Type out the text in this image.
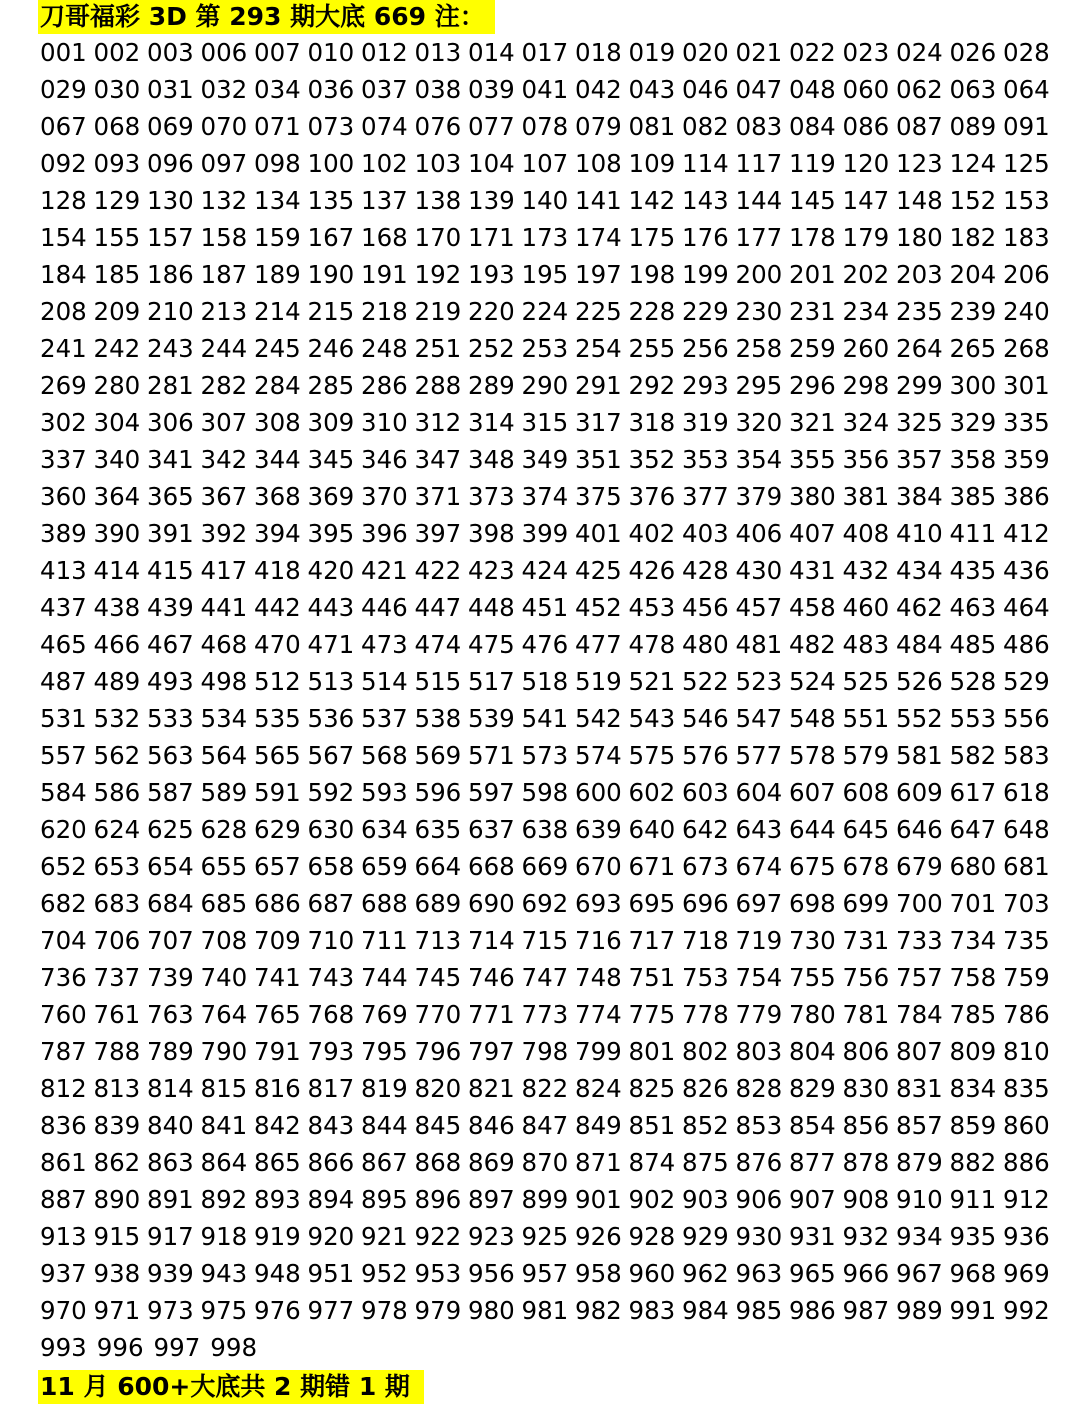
刀哥福彩 3D 第 293 期大底 669 注：
001 002 003 006 007 010 012 013 014 017 018 019 020 021 022 023 024 026 028
029 030 031 032 034 036 037 038 039 041 042 043 046 047 048 060 062 063 064
067 068 069 070 071 073 074 076 077 078 079 081 082 083 084 086 087 089 091
092 093 096 097 098 100 102 103 104 107 108 109 114 117 119 120 123 124 125
128 129 130 132 134 135 137 138 139 140 141 142 143 144 145 147 148 152 153
154 155 157 158 159 167 168 170 171 173 174 175 176 177 178 179 180 182 183
184 185 186 187 189 190 191 192 193 195 197 198 199 200 201 202 203 204 206
208 209 210 213 214 215 218 219 220 224 225 228 229 230 231 234 235 239 240
241 242 243 244 245 246 248 251 252 253 254 255 256 258 259 260 264 265 268
269 280 281 282 284 285 286 288 289 290 291 292 293 295 296 298 299 300 301
302 304 306 307 308 309 310 312 314 315 317 318 319 320 321 324 325 329 335
337 340 341 342 344 345 346 347 348 349 351 352 353 354 355 356 357 358 359
360 364 365 367 368 369 370 371 373 374 375 376 377 379 380 381 384 385 386
389 390 391 392 394 395 396 397 398 399 401 402 403 406 407 408 410 411 412
413 414 415 417 418 420 421 422 423 424 425 426 428 430 431 432 434 435 436
437 438 439 441 442 443 446 447 448 451 452 453 456 457 458 460 462 463 464
465 466 467 468 470 471 473 474 475 476 477 478 480 481 482 483 484 485 486
487 489 493 498 512 513 514 515 517 518 519 521 522 523 524 525 526 528 529
531 532 533 534 535 536 537 538 539 541 542 543 546 547 548 551 552 553 556
557 562 563 564 565 567 568 569 571 573 574 575 576 577 578 579 581 582 583
584 586 587 589 591 592 593 596 597 598 600 602 603 604 607 608 609 617 618
620 624 625 628 629 630 634 635 637 638 639 640 642 643 644 645 646 647 648
652 653 654 655 657 658 659 664 668 669 670 671 673 674 675 678 679 680 681
682 683 684 685 686 687 688 689 690 692 693 695 696 697 698 699 700 701 703
704 706 707 708 709 710 711 713 714 715 716 717 718 719 730 731 733 734 735
736 737 739 740 741 743 744 745 746 747 748 751 753 754 755 756 757 758 759
760 761 763 764 765 768 769 770 771 773 774 775 778 779 780 781 784 785 786
787 788 789 790 791 793 795 796 797 798 799 801 802 803 804 806 807 809 810
812 813 814 815 816 817 819 820 821 822 824 825 826 828 829 830 831 834 835
836 839 840 841 842 843 844 845 846 847 849 851 852 853 854 856 857 859 860
861 862 863 864 865 866 867 868 869 870 871 874 875 876 877 878 879 882 886
887 890 891 892 893 894 895 896 897 899 901 902 903 906 907 908 910 911 912
913 915 917 918 919 920 921 922 923 925 926 928 929 930 931 932 934 935 936
937 938 939 943 948 951 952 953 956 957 958 960 962 963 965 966 967 968 969
970 971 973 975 976 977 978 979 980 981 982 983 984 985 986 987 989 991 992
993 996 997 998
11 月 600+大底共 2 期错 1 期
